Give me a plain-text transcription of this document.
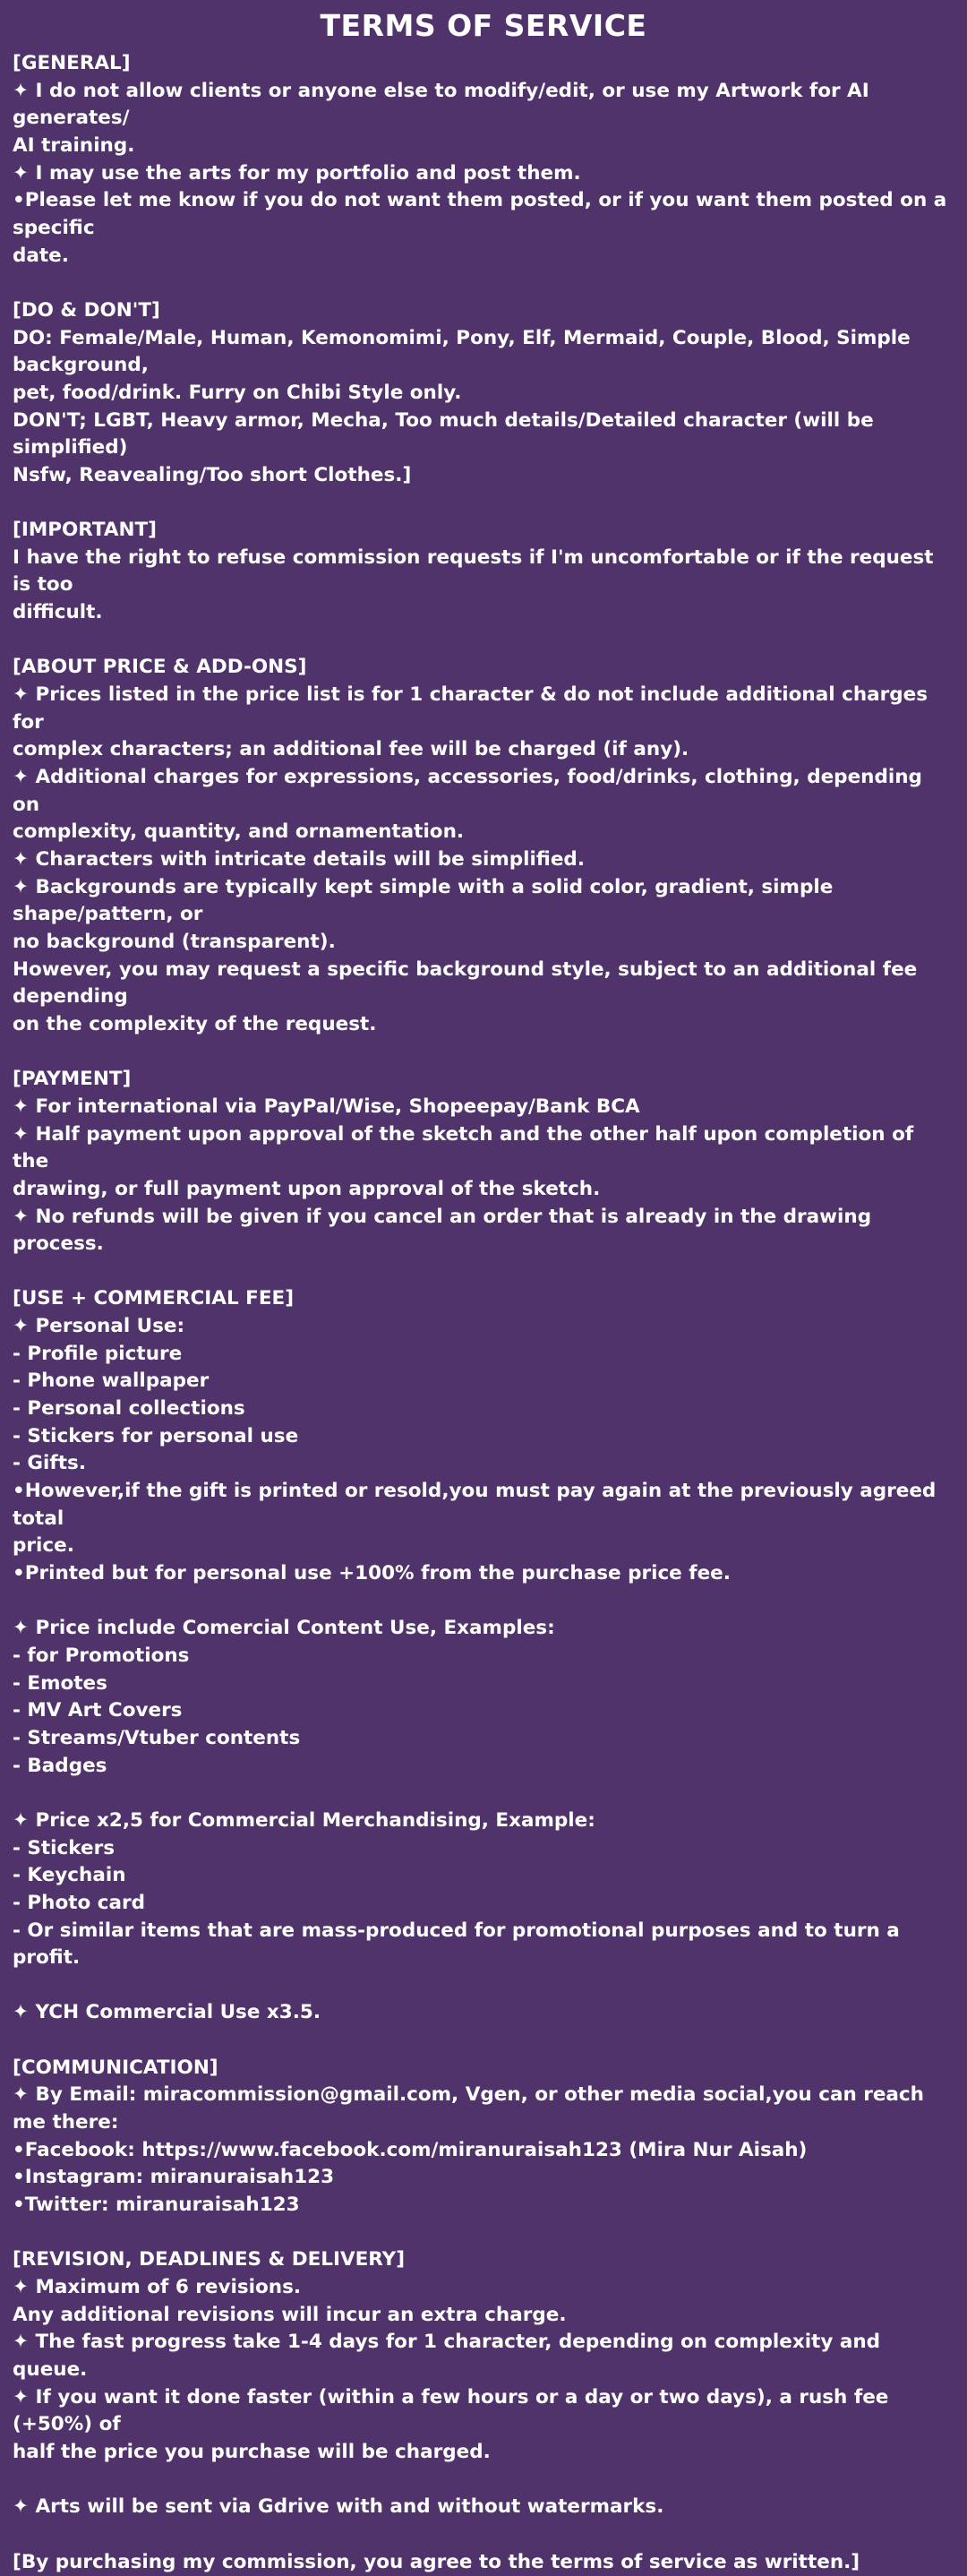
TERMS OF SERVICE
[GENERAL]
✦ I do not allow clients or anyone else to modify/edit, or use my Artwork for AI generates/
AI training.
✦ I may use the arts for my portfolio and post them.
•Please let me know if you do not want them posted, or if you want them posted on a specific
date.
[DO & DON'T]
DO: Female/Male, Human, Kemonomimi, Pony, Elf, Mermaid, Couple, Blood, Simple background,
pet, food/drink. Furry on Chibi Style only.
DON'T; LGBT, Heavy armor, Mecha, Too much details/Detailed character (will be simplified)
Nsfw, Reavealing/Too short Clothes.]
[IMPORTANT]
I have the right to refuse commission requests if I'm uncomfortable or if the request is too
difficult.
[ABOUT PRICE & ADD-ONS]
✦ Prices listed in the price list is for 1 character & do not include additional charges for
complex characters; an additional fee will be charged (if any).
✦ Additional charges for expressions, accessories, food/drinks, clothing, depending on
complexity, quantity, and ornamentation.
✦ Characters with intricate details will be simplified.
✦ Backgrounds are typically kept simple with a solid color, gradient, simple shape/pattern, or
no background (transparent).
However, you may request a specific background style, subject to an additional fee depending
on the complexity of the request.
[PAYMENT]
✦ For international via PayPal/Wise, Shopeepay/Bank BCA
✦ Half payment upon approval of the sketch and the other half upon completion of the
drawing, or full payment upon approval of the sketch.
✦ No refunds will be given if you cancel an order that is already in the drawing process.
[USE + COMMERCIAL FEE]
✦ Personal Use:
- Profile picture
- Phone wallpaper
- Personal collections
- Stickers for personal use
- Gifts.
•However,if the gift is printed or resold,you must pay again at the previously agreed total
price.
•Printed but for personal use +100% from the purchase price fee.
✦ Price include Comercial Content Use, Examples:
- for Promotions
- Emotes
- MV Art Covers
- Streams/Vtuber contents
- Badges
✦ Price x2,5 for Commercial Merchandising, Example:
- Stickers
- Keychain
- Photo card
- Or similar items that are mass-produced for promotional purposes and to turn a profit.
✦ YCH Commercial Use x3.5.
[COMMUNICATION]
✦ By Email: miracommission@gmail.com, Vgen, or other media social,you can reach me there:
•Facebook: https://www.facebook.com/miranuraisah123 (Mira Nur Aisah)
•Instagram: miranuraisah123
•Twitter: miranuraisah123
[REVISION, DEADLINES & DELIVERY]
✦ Maximum of 6 revisions.
Any additional revisions will incur an extra charge.
✦ The fast progress take 1-4 days for 1 character, depending on complexity and queue.
✦ If you want it done faster (within a few hours or a day or two days), a rush fee (+50%) of
half the price you purchase will be charged.
✦ Arts will be sent via Gdrive with and without watermarks.
[By purchasing my commission, you agree to the terms of service as written.]
